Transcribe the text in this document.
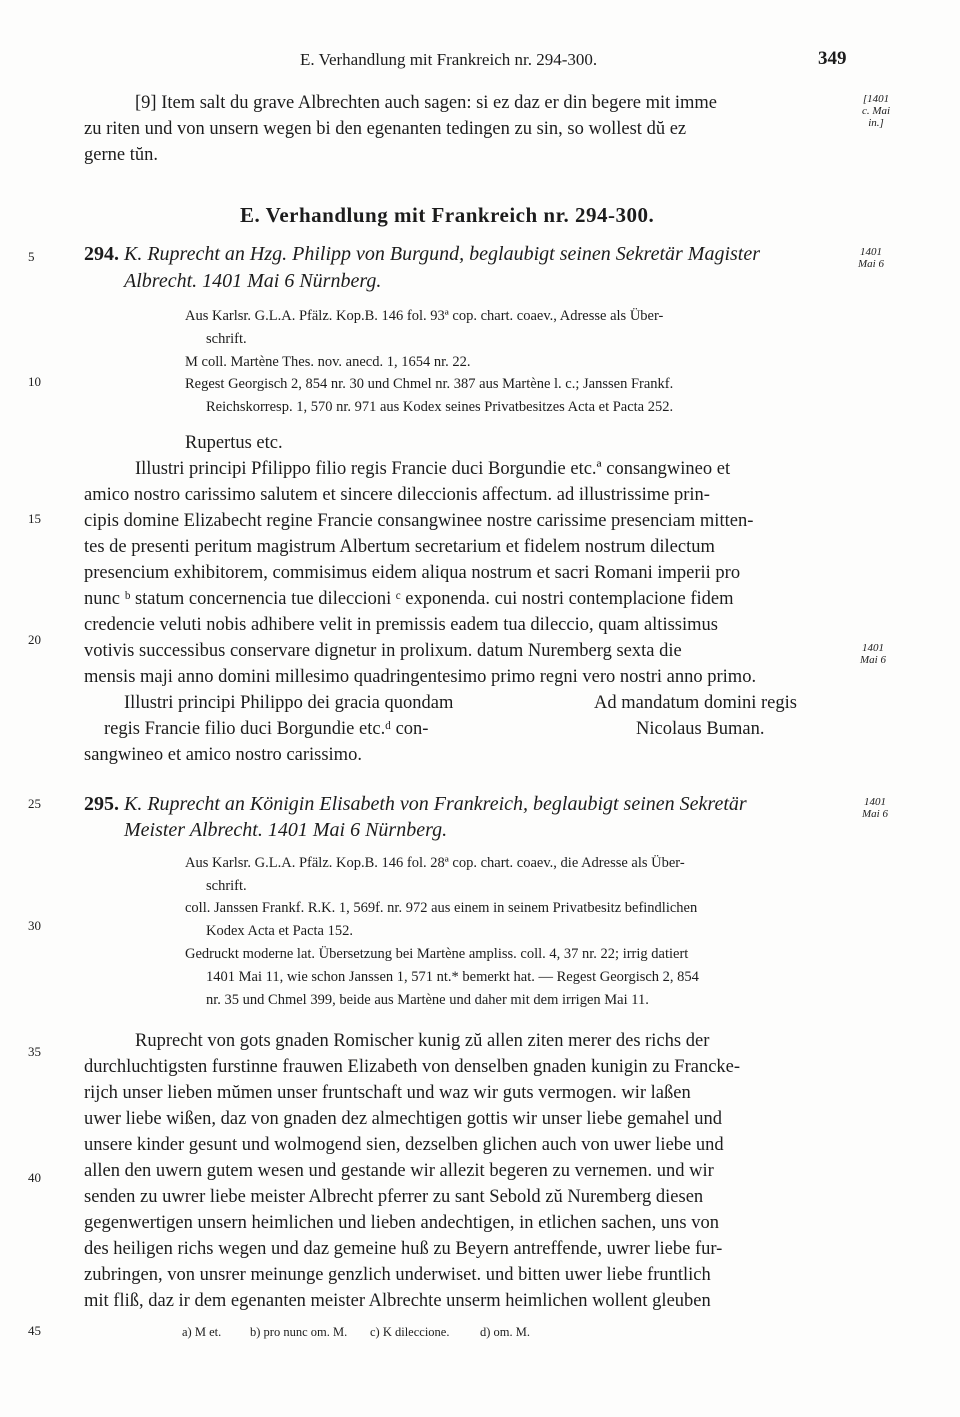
E. Verhandlung mit Frankreich nr. 294-300.	349
[9] Item salt du grave Albrechten auch sagen: si ez daz er din begere mit imme
zu riten und von unsern wegen bi den egenanten tedingen zu sin, so wollest dŭ ez
gerne tŭn.
[1401
c. Mai
in.]
E. Verhandlung mit Frankreich nr. 294-300.
5
10
15
20
25
30
35
40
45
294. K. Ruprecht an Hzg. Philipp von Burgund, beglaubigt seinen Sekretär Magister
Albrecht. 1401 Mai 6 Nürnberg.
1401
Mai 6
Aus Karlsr. G.L.A. Pfälz. Kop.B. 146 fol. 93ª cop. chart. coaev., Adresse als Über-
schrift.
M coll. Martène Thes. nov. anecd. 1, 1654 nr. 22.
Regest Georgisch 2, 854 nr. 30 und Chmel nr. 387 aus Martène l. c.; Janssen Frankf.
Reichskorresp. 1, 570 nr. 971 aus Kodex seines Privatbesitzes Acta et Pacta 252.
Rupertus etc.
Illustri principi Pfilippo filio regis Francie duci Borgundie etc.ª consangwineo et
amico nostro carissimo salutem et sincere dileccionis affectum. ad illustrissime prin-
cipis domine Elizabecht regine Francie consangwinee nostre carissime presenciam mitten-
tes de presenti peritum magistrum Albertum secretarium et fidelem nostrum dilectum
presencium exhibitorem, commisimus eidem aliqua nostrum et sacri Romani imperii pro
nunc ᵇ statum concernencia tue dileccioni ᶜ exponenda. cui nostri contemplacione fidem
credencie veluti nobis adhibere velit in premissis eadem tua dileccio, quam altissimus
votivis successibus conservare dignetur in prolixum. datum Nuremberg sexta die
mensis maji anno domini millesimo quadringentesimo primo regni vero nostri anno primo.
1401
Mai 6
Illustri principi Philippo dei gracia quondam
regis Francie filio duci Borgundie etc.ᵈ con-
sangwineo et amico nostro carissimo.
Ad mandatum domini regis
Nicolaus Buman.
295. K. Ruprecht an Königin Elisabeth von Frankreich, beglaubigt seinen Sekretär
Meister Albrecht. 1401 Mai 6 Nürnberg.
1401
Mai 6
Aus Karlsr. G.L.A. Pfälz. Kop.B. 146 fol. 28ª cop. chart. coaev., die Adresse als Über-
schrift.
coll. Janssen Frankf. R.K. 1, 569f. nr. 972 aus einem in seinem Privatbesitz befindlichen
Kodex Acta et Pacta 152.
Gedruckt moderne lat. Übersetzung bei Martène ampliss. coll. 4, 37 nr. 22; irrig datiert
1401 Mai 11, wie schon Janssen 1, 571 nt.* bemerkt hat. — Regest Georgisch 2, 854
nr. 35 und Chmel 399, beide aus Martène und daher mit dem irrigen Mai 11.
Ruprecht von gots gnaden Romischer kunig zŭ allen ziten merer des richs der
durchluchtigsten furstinne frauwen Elizabeth von denselben gnaden kunigin zu Francke-
rijch unser lieben mŭmen unser fruntschaft und waz wir guts vermogen. wir laßen
uwer liebe wißen, daz von gnaden dez almechtigen gottis wir unser liebe gemahel und
unsere kinder gesunt und wolmogend sien, dezselben glichen auch von uwer liebe und
allen den uwern gutem wesen und gestande wir allezit begeren zu vernemen. und wir
senden zu uwrer liebe meister Albrecht pferrer zu sant Sebold zŭ Nuremberg diesen
gegenwertigen unsern heimlichen und lieben andechtigen, in etlichen sachen, uns von
des heiligen richs wegen und daz gemeine huß zu Beyern antreffende, uwrer liebe fur-
zubringen, von unsrer meinunge genzlich underwiset. und bitten uwer liebe fruntlich
mit fliß, daz ir dem egenanten meister Albrechte unserm heimlichen wollent gleuben
a) M et. b) pro nunc om. M. c) K dileccione. d) om. M.
